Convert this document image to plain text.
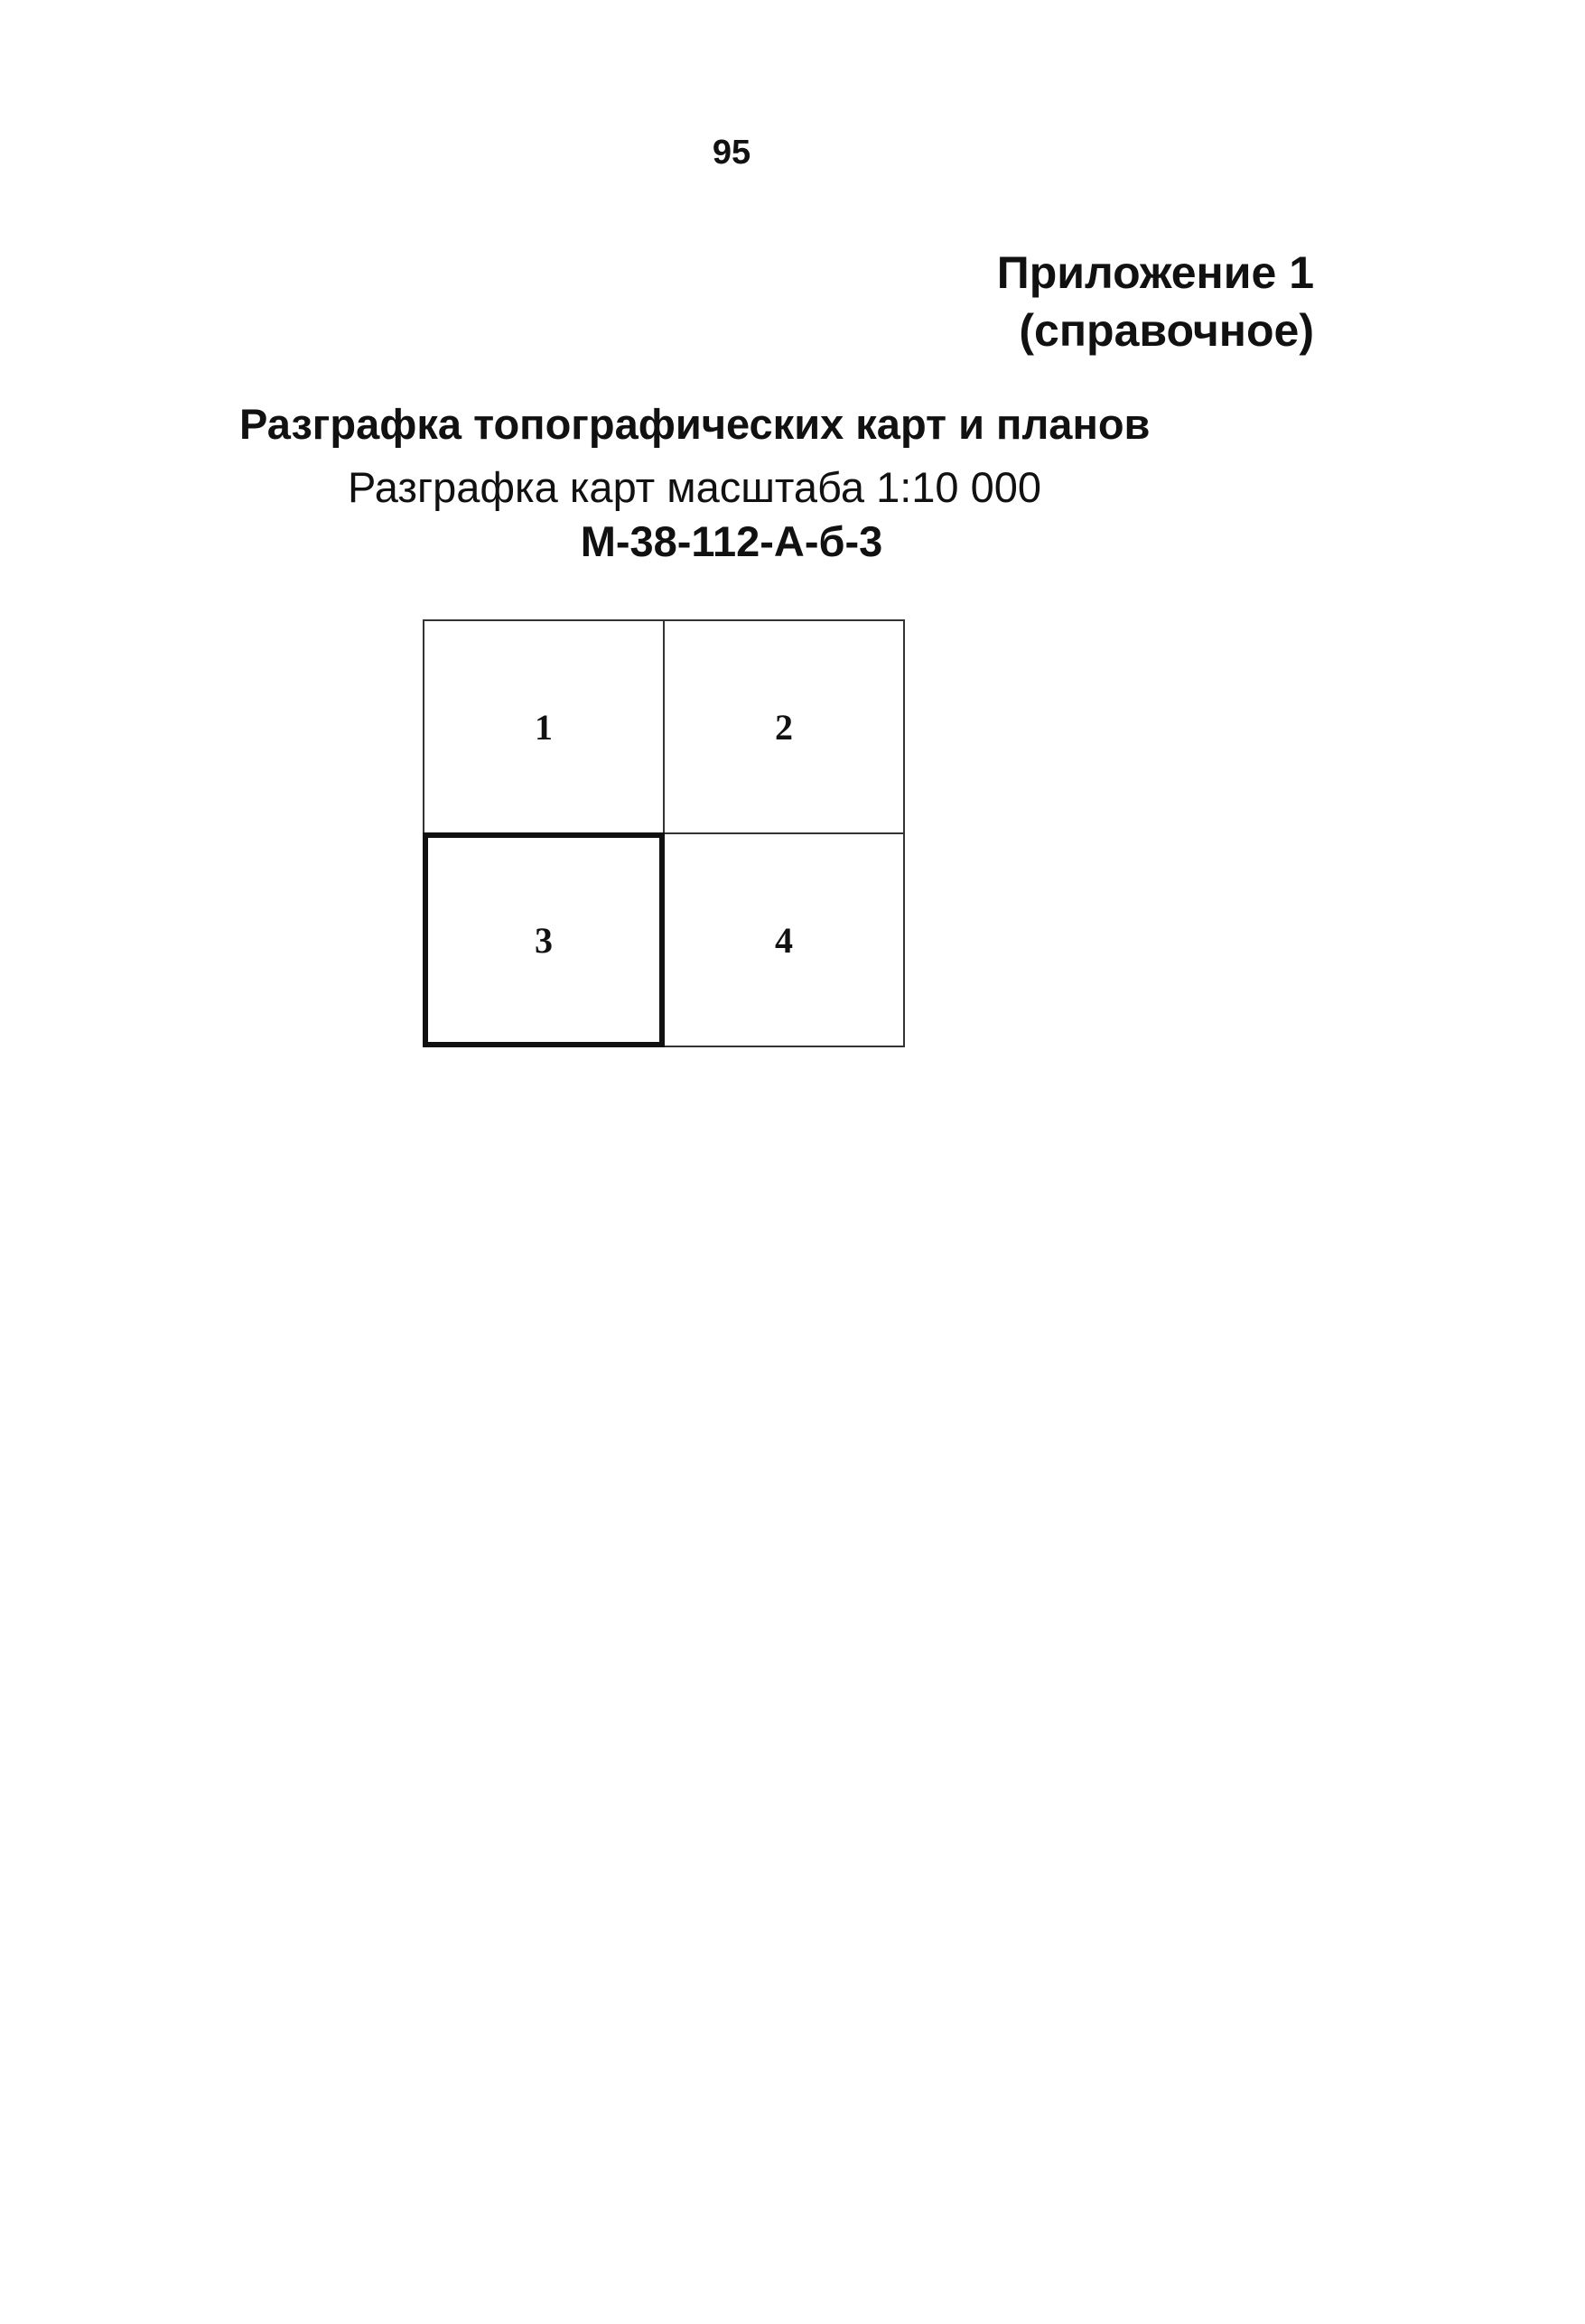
95
Приложение 1
(справочное)
Разграфка топографических карт и планов
Разграфка карт масштаба 1:10 000
М-38-112-А-б-3
1	2
3	4
